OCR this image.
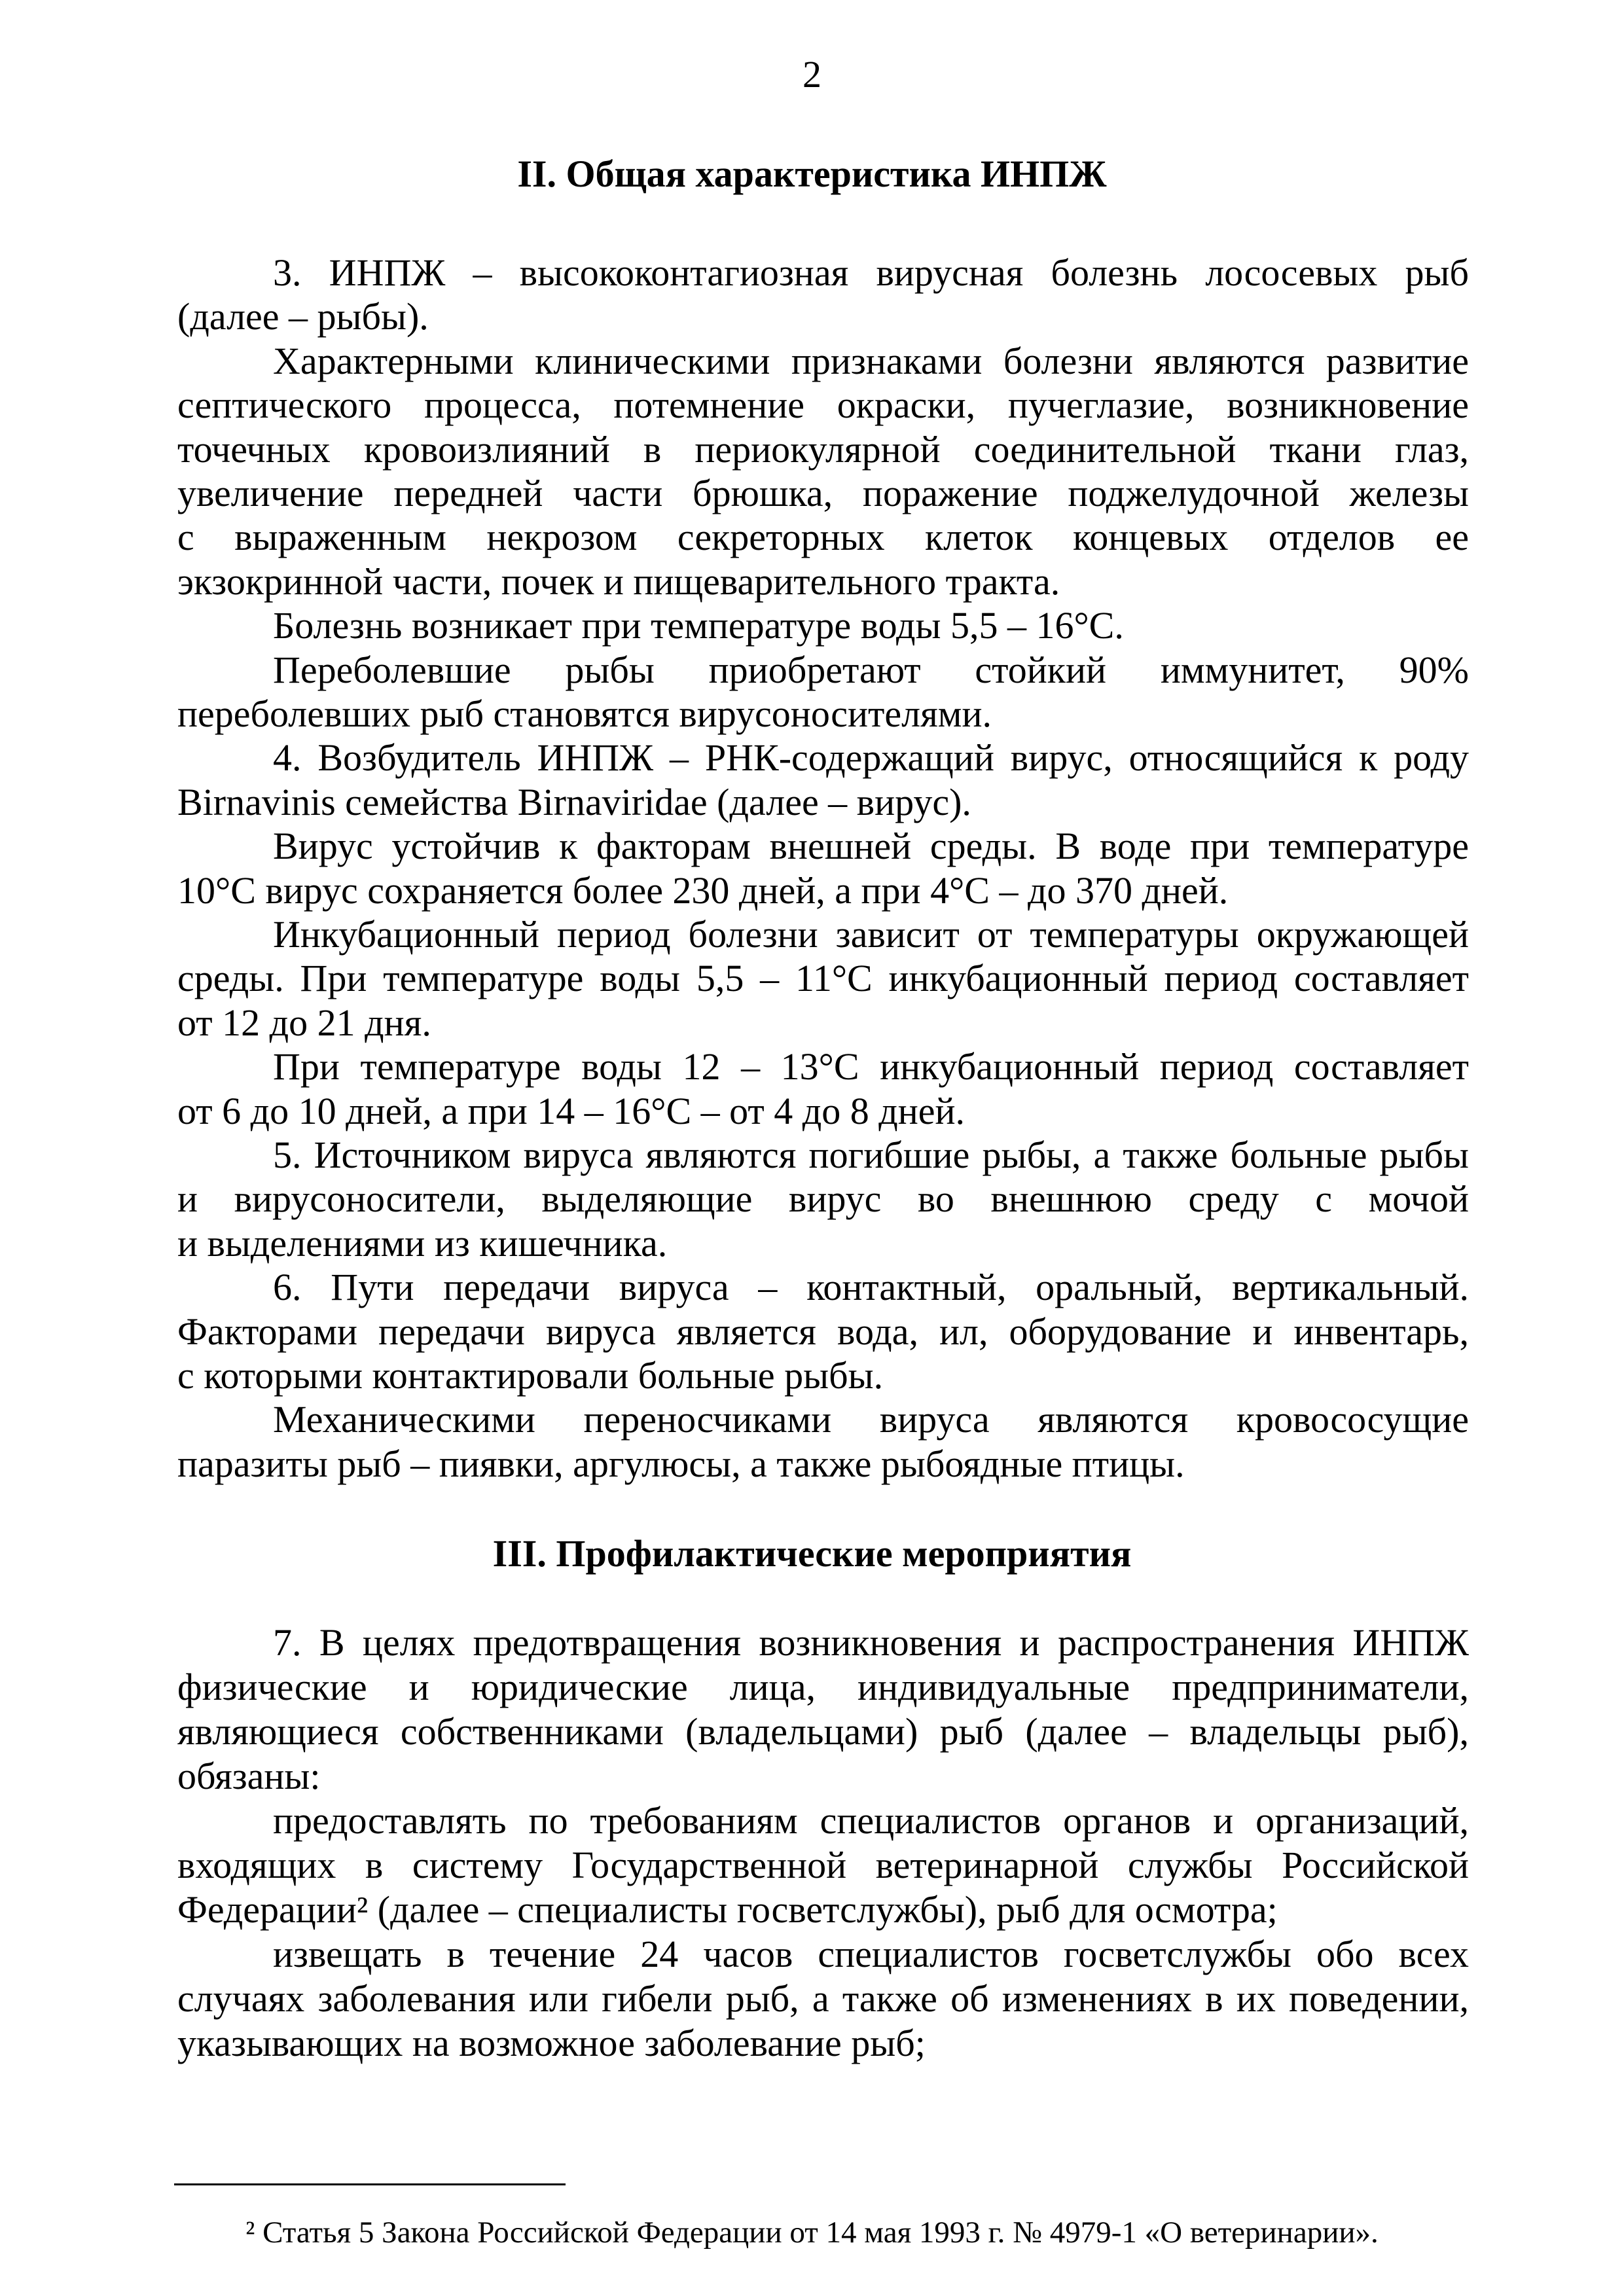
2
II. Общая характеристика ИНПЖ
3. ИНПЖ – высококонтагиозная вирусная болезнь лососевых рыб
(далее – рыбы).
Характерными клиническими признаками болезни являются развитие
септического процесса, потемнение окраски, пучеглазие, возникновение
точечных кровоизлияний в периокулярной соединительной ткани глаз,
увеличение передней части брюшка, поражение поджелудочной железы
с выраженным некрозом секреторных клеток концевых отделов ее
экзокринной части, почек и пищеварительного тракта.
Болезнь возникает при температуре воды 5,5 – 16°C.
Переболевшие рыбы приобретают стойкий иммунитет, 90%
переболевших рыб становятся вирусоносителями.
4. Возбудитель ИНПЖ – РНК-содержащий вирус, относящийся к роду
Birnavinis семейства Birnaviridae (далее – вирус).
Вирус устойчив к факторам внешней среды. В воде при температуре
10°C вирус сохраняется более 230 дней, а при 4°C – до 370 дней.
Инкубационный период болезни зависит от температуры окружающей
среды. При температуре воды 5,5 – 11°C инкубационный период составляет
от 12 до 21 дня.
При температуре воды 12 – 13°C инкубационный период составляет
от 6 до 10 дней, а при 14 – 16°C – от 4 до 8 дней.
5. Источником вируса являются погибшие рыбы, а также больные рыбы
и вирусоносители, выделяющие вирус во внешнюю среду с мочой
и выделениями из кишечника.
6. Пути передачи вируса – контактный, оральный, вертикальный.
Факторами передачи вируса является вода, ил, оборудование и инвентарь,
с которыми контактировали больные рыбы.
Механическими переносчиками вируса являются кровососущие
паразиты рыб – пиявки, аргулюсы, а также рыбоядные птицы.
III. Профилактические мероприятия
7. В целях предотвращения возникновения и распространения ИНПЖ
физические и юридические лица, индивидуальные предприниматели,
являющиеся собственниками (владельцами) рыб (далее – владельцы рыб),
обязаны:
предоставлять по требованиям специалистов органов и организаций,
входящих в систему Государственной ветеринарной службы Российской
Федерации² (далее – специалисты госветслужбы), рыб для осмотра;
извещать в течение 24 часов специалистов госветслужбы обо всех
случаях заболевания или гибели рыб, а также об изменениях в их поведении,
указывающих на возможное заболевание рыб;
² Статья 5 Закона Российской Федерации от 14 мая 1993 г. № 4979-1 «О ветеринарии».
